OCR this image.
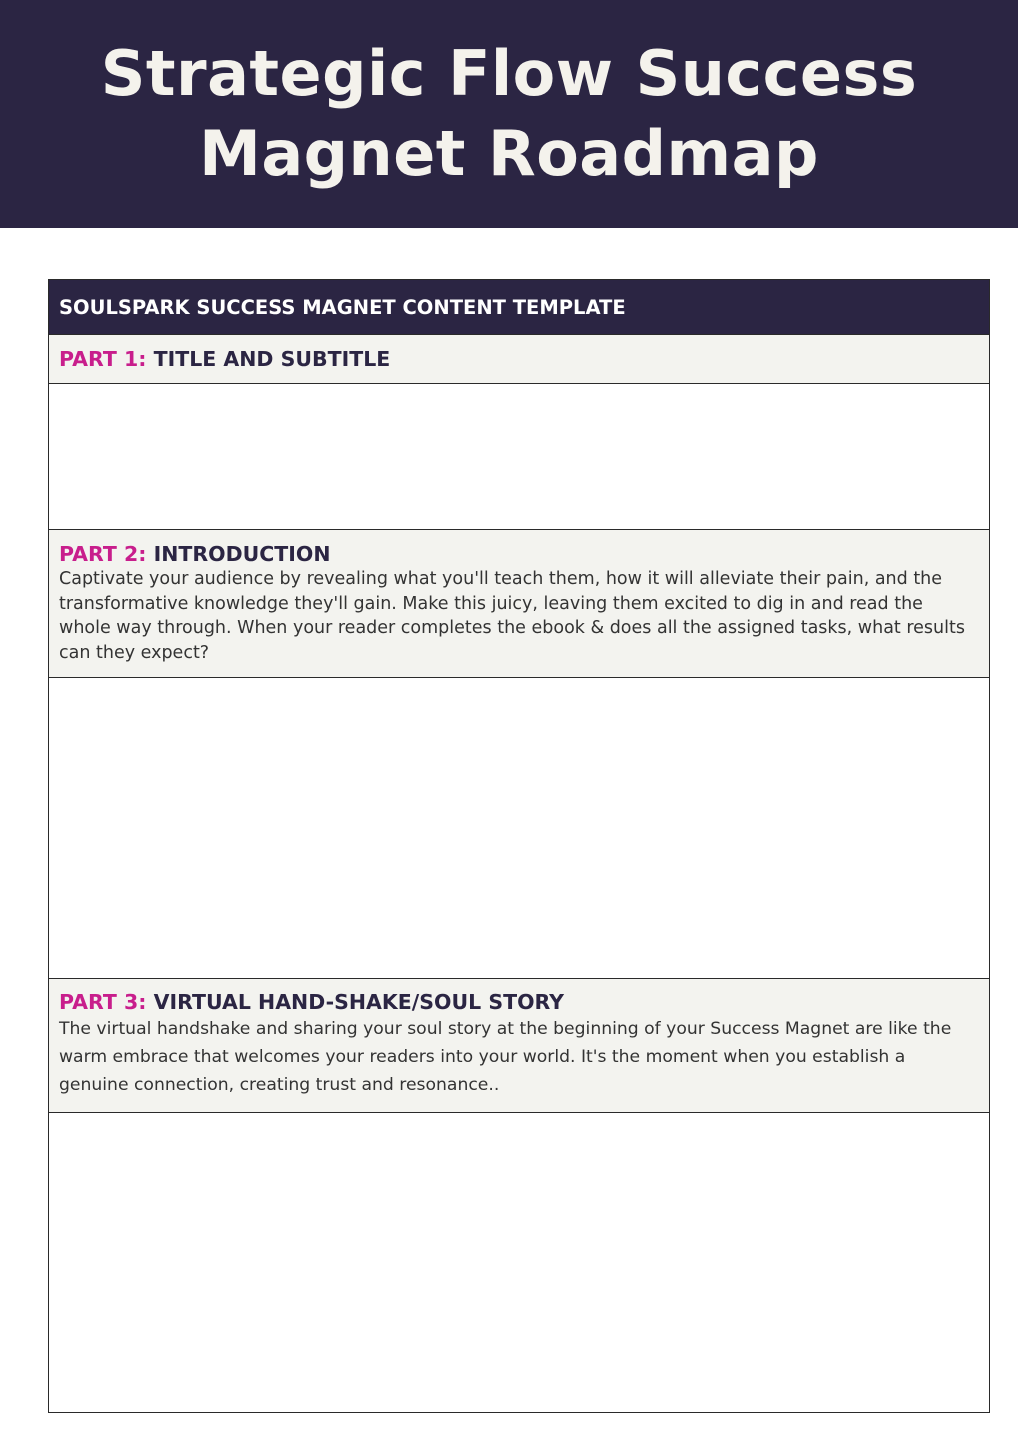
Strategic Flow Success Magnet Roadmap
SOULSPARK SUCCESS MAGNET CONTENT TEMPLATE
PART 1: TITLE AND SUBTITLE
PART 2: INTRODUCTION
Captivate your audience by revealing what you'll teach them, how it will alleviate their pain, and the transformative knowledge they'll gain. Make this juicy, leaving them excited to dig in and read the whole way through. When your reader completes the ebook & does all the assigned tasks, what results can they expect?
PART 3: VIRTUAL HAND-SHAKE/SOUL STORY
The virtual handshake and sharing your soul story at the beginning of your Success Magnet are like the warm embrace that welcomes your readers into your world. It's the moment when you establish a genuine connection, creating trust and resonance..
